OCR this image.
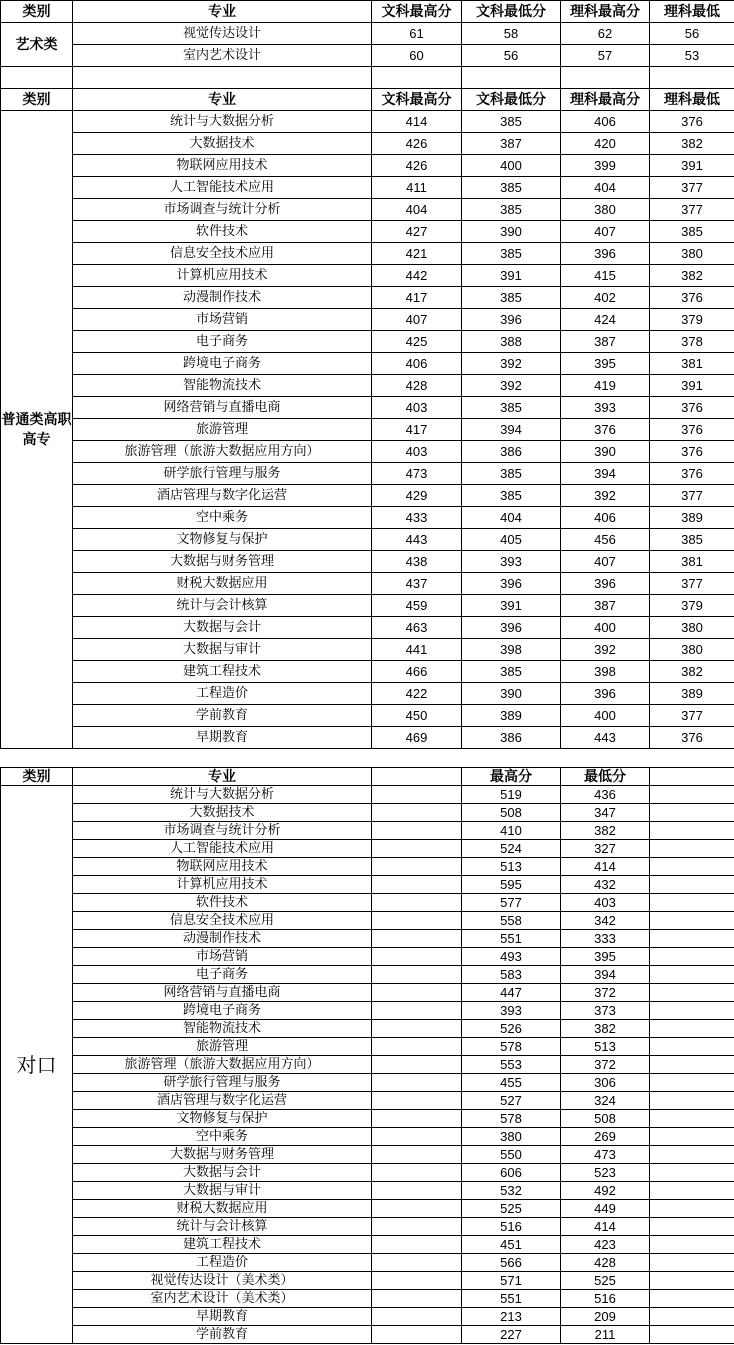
类别	专业	文科最高分	文科最低分	理科最高分	理科最低
艺术类	视觉传达设计	61	58	62	56
	室内艺术设计	60	56	57	53

类别	专业	文科最高分	文科最低分	理科最高分	理科最低
普通类高职高专	统计与大数据分析	414	385	406	376
	大数据技术	426	387	420	382
	物联网应用技术	426	400	399	391
	人工智能技术应用	411	385	404	377
	市场调查与统计分析	404	385	380	377
	软件技术	427	390	407	385
	信息安全技术应用	421	385	396	380
	计算机应用技术	442	391	415	382
	动漫制作技术	417	385	402	376
	市场营销	407	396	424	379
	电子商务	425	388	387	378
	跨境电子商务	406	392	395	381
	智能物流技术	428	392	419	391
	网络营销与直播电商	403	385	393	376
	旅游管理	417	394	376	376
	旅游管理（旅游大数据应用方向）	403	386	390	376
	研学旅行管理与服务	473	385	394	376
	酒店管理与数字化运营	429	385	392	377
	空中乘务	433	404	406	389
	文物修复与保护	443	405	456	385
	大数据与财务管理	438	393	407	381
	财税大数据应用	437	396	396	377
	统计与会计核算	459	391	387	379
	大数据与会计	463	396	400	380
	大数据与审计	441	398	392	380
	建筑工程技术	466	385	398	382
	工程造价	422	390	396	389
	学前教育	450	389	400	377
	早期教育	469	386	443	376
类别	专业		最高分	最低分	
对口	统计与大数据分析		519	436	
	大数据技术		508	347	
	市场调查与统计分析		410	382	
	人工智能技术应用		524	327	
	物联网应用技术		513	414	
	计算机应用技术		595	432	
	软件技术		577	403	
	信息安全技术应用		558	342	
	动漫制作技术		551	333	
	市场营销		493	395	
	电子商务		583	394	
	网络营销与直播电商		447	372	
	跨境电子商务		393	373	
	智能物流技术		526	382	
	旅游管理		578	513	
	旅游管理（旅游大数据应用方向）		553	372	
	研学旅行管理与服务		455	306	
	酒店管理与数字化运营		527	324	
	文物修复与保护		578	508	
	空中乘务		380	269	
	大数据与财务管理		550	473	
	大数据与会计		606	523	
	大数据与审计		532	492	
	财税大数据应用		525	449	
	统计与会计核算		516	414	
	建筑工程技术		451	423	
	工程造价		566	428	
	视觉传达设计（美术类）		571	525	
	室内艺术设计（美术类）		551	516	
	早期教育		213	209	
	学前教育		227	211	
